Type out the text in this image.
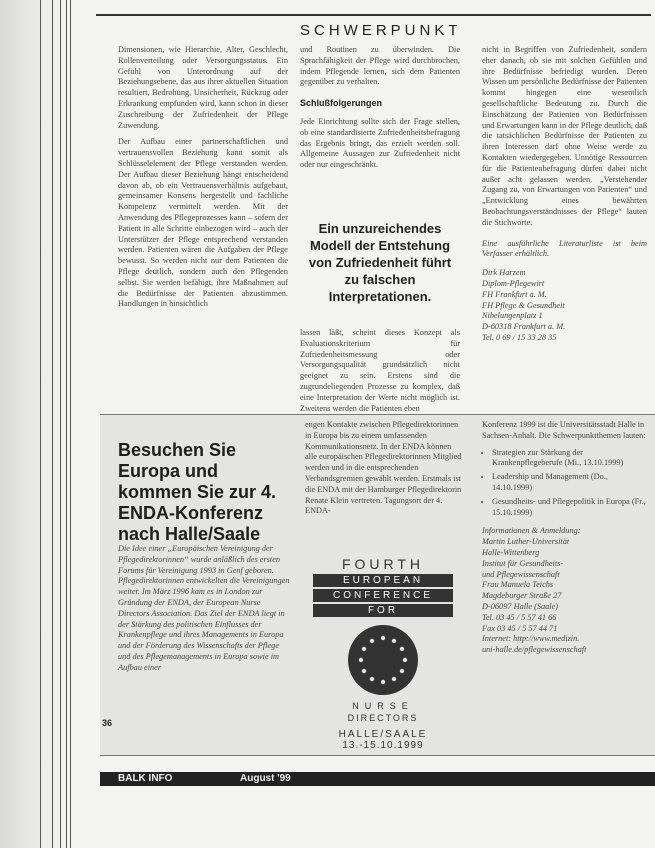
SCHWERPUNKT

Dimensionen, wie Hierarchie, Alter, Geschlecht, Rollenverteilung oder Versorgungsstatus. Ein Gefühl von Unterordnung auf der Beziehungsebene, das aus ihrer aktuellen Situation resultiert, Bedrohung, Unsicherheit, Rückzug oder Erkrankung empfunden wird, kann schon in dieser Zuschreibung der Zufriedenheit der Pflege Zuwendung.

Der Aufbau einer partnerschaftlichen und vertrauensvollen Beziehung kann somit als Schlüsselelement der Pflege verstanden werden. Der Aufbau dieser Beziehung hängt entscheidend davon ab, ob ein Vertrauensverhältnis aufgebaut, gemeinsamer Konsens hergestellt und fachliche Kompetenz vermittelt werden. Mit der Anwendung des Pflegeprozesses kann – sofern der Patient in alle Schritte einbezogen wird – auch der Unterstützer der Pflege entsprechend verstanden werden. Patienten wären die Aufgaben der Pflege bewusst. So werden nicht nur dem Patienten die Pflege deutlich, sondern auch den Pflegenden selbst. Sie werden befähigt, ihre Maßnahmen auf die Bedürfnisse der Patienten abzustimmen. Handlungen in hinsichtlich

und Routinen zu überwinden. Die Sprachfähigkeit der Pflege wird durchbrochen, indem Pflegende lernen, sich dem Patienten gegenüber zu verhalten.

Schlußfolgerungen

Jede Einrichtung sollte sich der Frage stellen, ob eine standardisierte Zufriedenheitsbefragung das Ergebnis bringt, das erzielt werden soll. Allgemeine Aussagen zur Zufriedenheit nicht oder nur eingeschränkt.

Ein unzureichendes Modell der Entstehung von Zufriedenheit führt zu falschen Interpretationen.

lassen läßt, scheint dieses Konzept als Evaluationskriterium für Zufriedenheitsmessung oder Versorgungsqualität grundsätzlich nicht geeignet zu sein. Erstens sind die zugrundeliegenden Prozesse zu komplex, daß eine Interpretation der Werte nicht möglich ist. Zweitens werden die Patienten eben

nicht in Begriffen von Zufriedenheit, sondern eher danach, ob sie mit solchen Gefühlen und ihre Bedürfnisse befriedigt wurden. Deren Wissen um persönliche Bedürfnisse der Patienten kommt hingegen eine wesentlich gesellschaftliche Bedeutung zu. Durch die Einschätzung der Patienten von Bedürfnissen und Erwartungen kann in der Pflege deutlich, daß die tatsächlichen Bedürfnisse der Patienten zu ihren Interessen darf ohne Weise werde zu Kontakten wiedergegeben. Unnötige Ressourcen für die Patientenbefragung dürfen dabei nicht außer acht gelassen werden. „Verstehender Zugang zu, von Erwartungen von Patienten“ und „Entwicklung eines bewährten Beobachtungsverständnisses der Pflege“ lauten die Stichworte.

Eine ausführliche Literaturliste ist beim Verfasser erhältlich.

Dirk Harzem
Diplom-Pflegewirt
FH Frankfurt a. M.
FH Pflege & Gesundheit
Nibelungenplatz 1
D-60318 Frankfurt a. M.
Tel. 0 69 / 15 33 28 35
Besuchen Sie Europa und kommen Sie zur 4. ENDA-Konferenz nach Halle/Saale

Die Idee einer „Europäischen Vereinigung der Pflegedirektorinnen“ wurde anläßlich des ersten Forums für Vereinigung 1993 in Genf geboren. Pflegedirektorinnen entwickelten die Vereinigungen weiter. Im März 1996 kam es in London zur Gründung der ENDA, der European Nurse Directors Association. Das Ziel der ENDA liegt in der Stärkung des politischen Einflusses der Krankenpflege und ihres Managements in Europa und der Förderung des Wissenschafts der Pflege und des Pflegemanagements in Europa sowie im Aufbau einer

engen Kontakte zwischen Pflegedirektorinnen in Europa bis zu einem umfassenden Kommunikationsnetz. In der ENDA können alle europäischen Pflegedirektorinnen Mitglied werden und in die entsprechenden Verbandsgremien gewählt werden. Erstmals ist die ENDA mit der Hamburger Pflegedirektorin Renate Klein vertreten. Tagungsort der 4. ENDA-

FOURTH
EUROPEAN
CONFERENCE
FOR
NURSE
DIRECTORS
HALLE/SAALE
13.-15.10.1999

Konferenz 1999 ist die Universitätsstadt Halle in Sachsen-Anhalt. Die Schwerpunktthemen lauten:

• Strategien zur Stärkung der Krankenpflegeberufe (Mi., 13.10.1999)
• Leadership und Management (Do., 14.10.1999)
• Gesundheits- und Pflegepolitik in Europa (Fr., 15.10.1999)
Informationen & Anmeldung:
Martin Luther-Universität
Halle-Wittenberg
Institut für Gesundheits-
und Pflegewissenschaft
Frau Manuela Teichs
Magdeburger Straße 27
D-06097 Halle (Saale)
Tel. 03 45 / 5 57 41 66
Fax 03 45 / 5 57 44 71
Internet: http://www.medizin.
uni-halle.de/pflegewissenschaft
36
BALK INFO	August '99
